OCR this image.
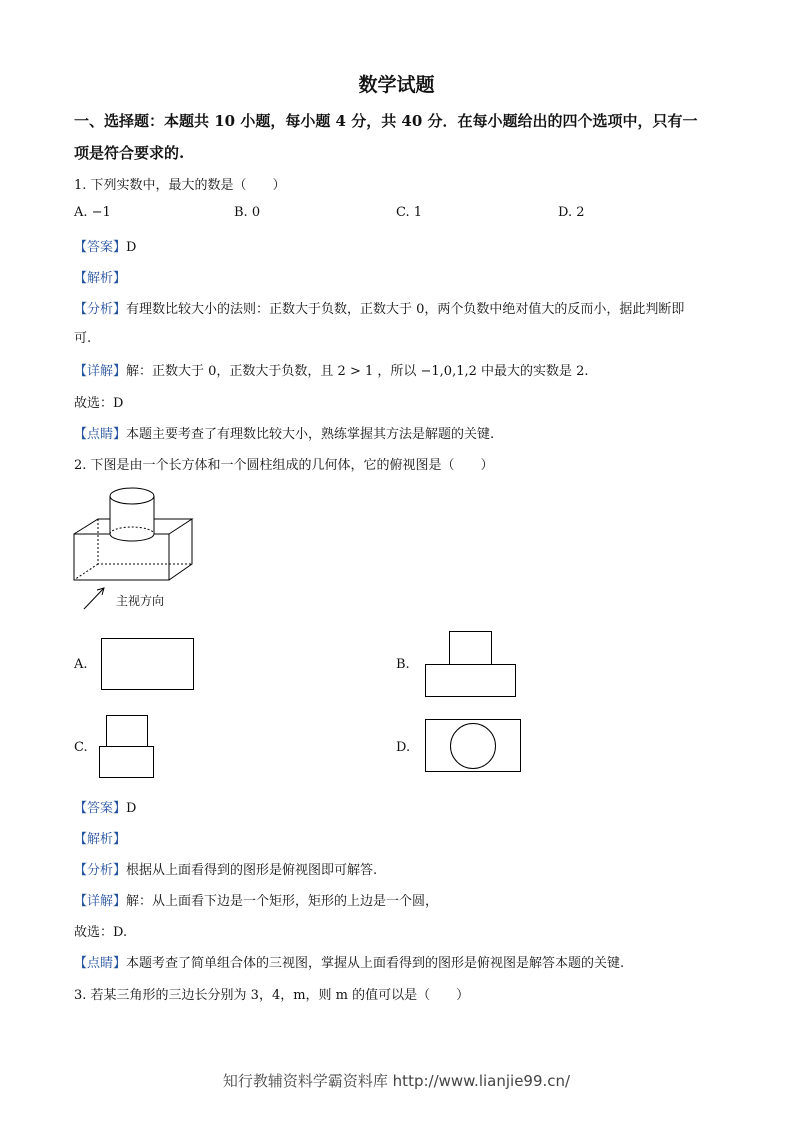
数学试题
一、选择题：本题共 10 小题，每小题 4 分，共 40 分．在每小题给出的四个选项中，只有一
项是符合要求的.
1. 下列实数中，最大的数是（　　）
A. −1	B. 0	C. 1	D. 2
【答案】D
【解析】
【分析】有理数比较大小的法则：正数大于负数，正数大于 0，两个负数中绝对值大的反而小，据此判断即
可.
【详解】解：正数大于 0，正数大于负数，且 2 > 1 ，所以 −1,0,1,2 中最大的实数是 2.
故选：D
【点睛】本题主要考查了有理数比较大小，熟练掌握其方法是解题的关键.
2. 下图是由一个长方体和一个圆柱组成的几何体，它的俯视图是（　　）
主视方向
A.	B.
C.	D.
【答案】D
【解析】
【分析】根据从上面看得到的图形是俯视图即可解答.
【详解】解：从上面看下边是一个矩形，矩形的上边是一个圆，
故选：D.
【点睛】本题考查了简单组合体的三视图，掌握从上面看得到的图形是俯视图是解答本题的关键.
3. 若某三角形的三边长分别为 3，4，m，则 m 的值可以是（　　）
知行教辅资料学霸资料库 http://www.lianjie99.cn/
